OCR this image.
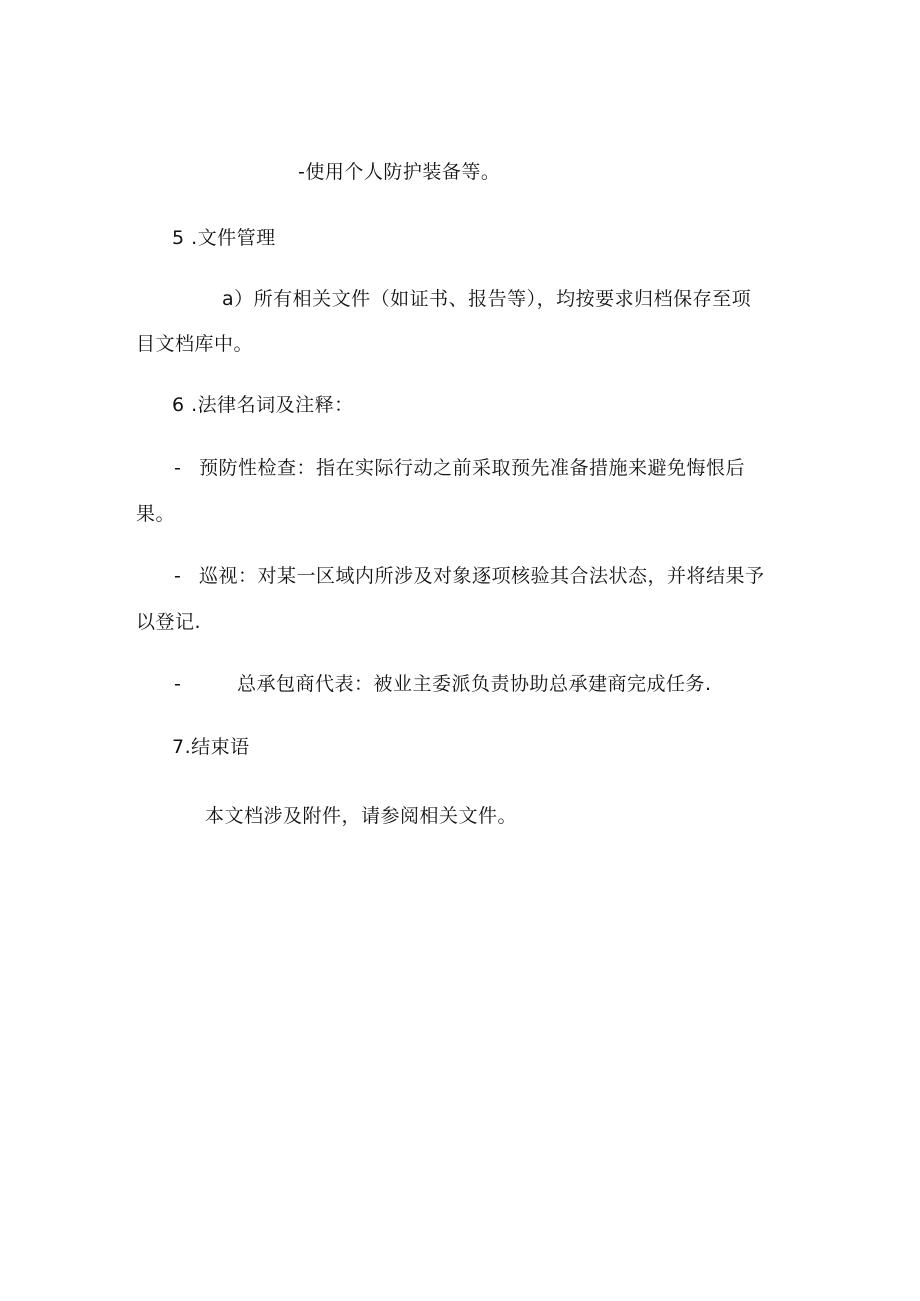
-使用个人防护装备等。
5 .文件管理
a）所有相关文件（如证书、报告等），均按要求归档保存至项
目文档库中。
6 .法律名词及注释：
- 预防性检查：指在实际行动之前采取预先准备措施来避免悔恨后
果。
- 巡视：对某一区域内所涉及对象逐项核验其合法状态，并将结果予
以登记.
-	总承包商代表：被业主委派负责协助总承建商完成任务.
7.结束语
本文档涉及附件，请参阅相关文件。
